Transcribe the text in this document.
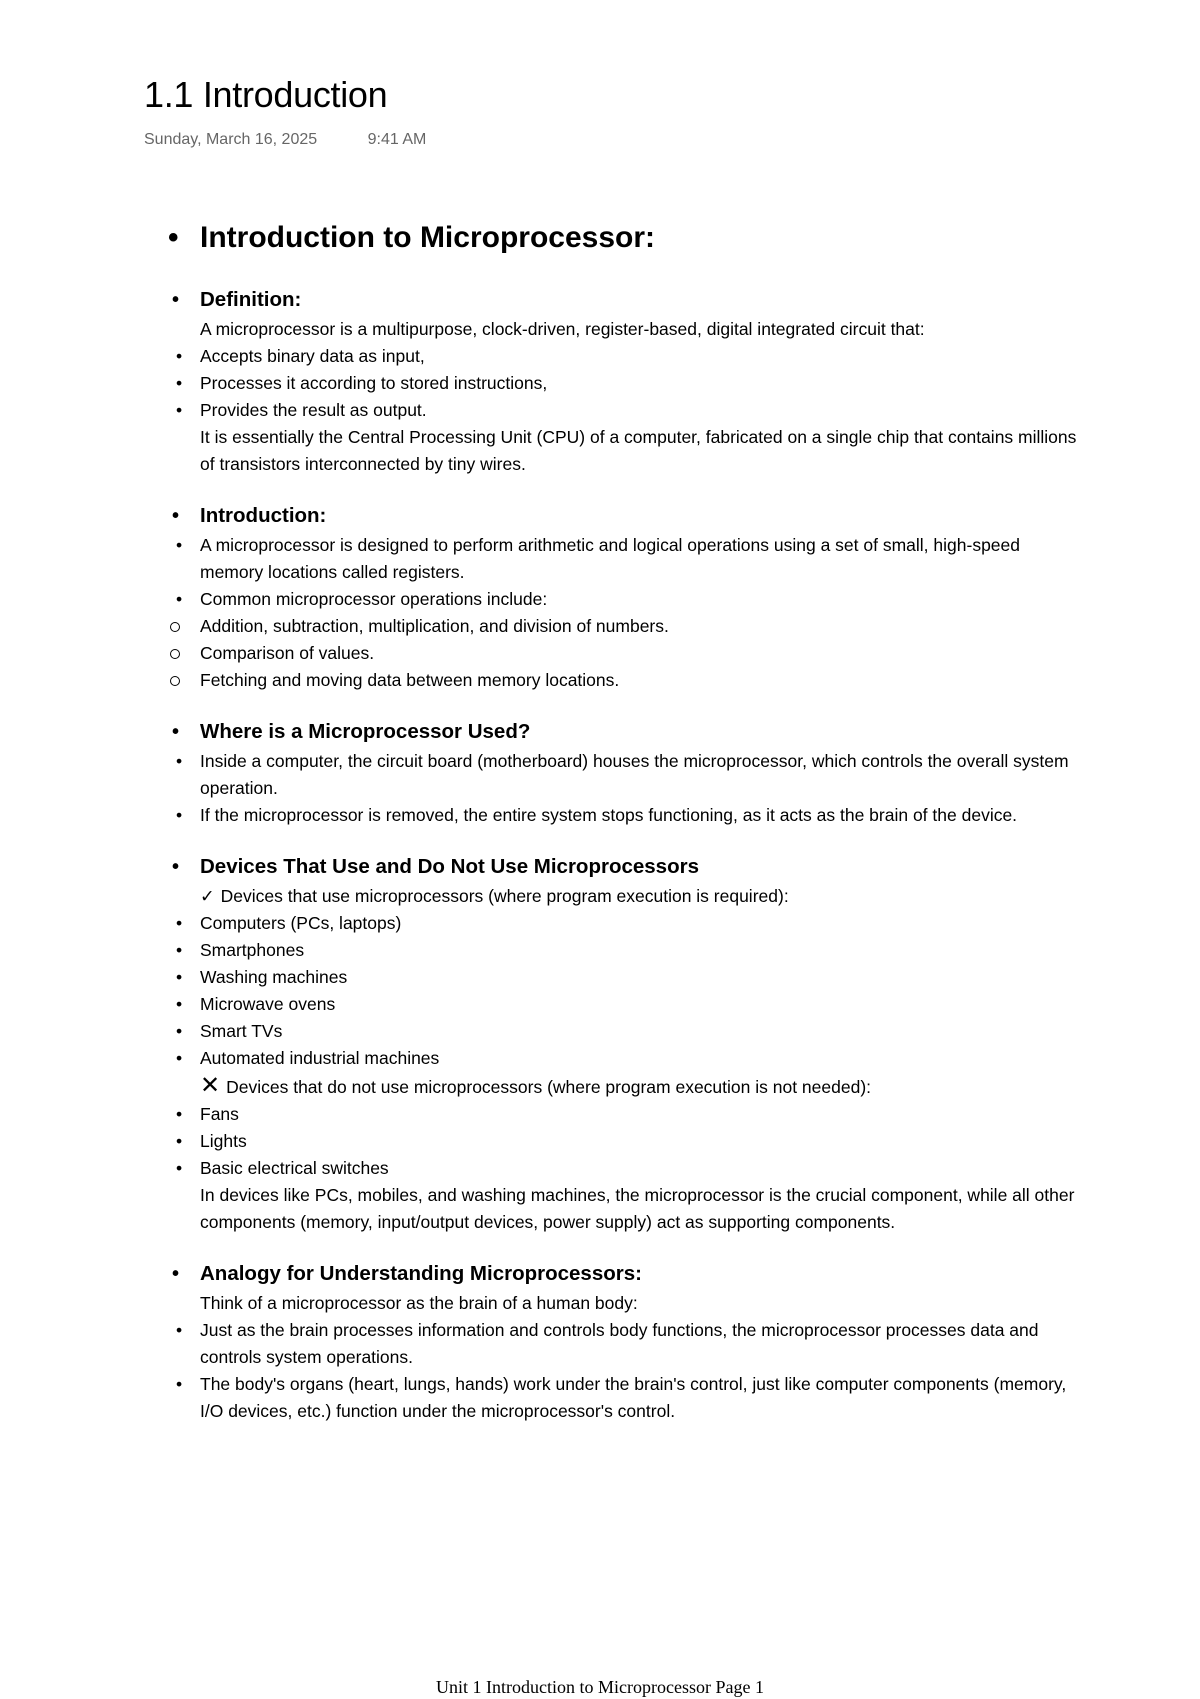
1.1 Introduction
Sunday, March 16, 2025	9:41 AM
• Introduction to Microprocessor:
• Definition:

A microprocessor is a multipurpose, clock-driven, register-based, digital integrated circuit that:

• Accepts binary data as input,
• Processes it according to stored instructions,
• Provides the result as output.

It is essentially the Central Processing Unit (CPU) of a computer, fabricated on a single chip that contains millions of transistors interconnected by tiny wires.

• Introduction:
• A microprocessor is designed to perform arithmetic and logical operations using a set of small, high-speed memory locations called registers.
• Common microprocessor operations include:
Addition, subtraction, multiplication, and division of numbers.
Comparison of values.
Fetching and moving data between memory locations.
• Where is a Microprocessor Used?
• Inside a computer, the circuit board (motherboard) houses the microprocessor, which controls the overall system operation.
• If the microprocessor is removed, the entire system stops functioning, as it acts as the brain of the device.
• Devices That Use and Do Not Use Microprocessors
✓ Devices that use microprocessors (where program execution is required):
• Computers (PCs, laptops)
• Smartphones
• Washing machines
• Microwave ovens
• Smart TVs
• Automated industrial machines
✕ Devices that do not use microprocessors (where program execution is not needed):
• Fans
• Lights
• Basic electrical switches

In devices like PCs, mobiles, and washing machines, the microprocessor is the crucial component, while all other components (memory, input/output devices, power supply) act as supporting components.

• Analogy for Understanding Microprocessors:

Think of a microprocessor as the brain of a human body:

• Just as the brain processes information and controls body functions, the microprocessor processes data and controls system operations.
• The body's organs (heart, lungs, hands) work under the brain's control, just like computer components (memory, I/O devices, etc.) function under the microprocessor's control.
Unit 1 Introduction to Microprocessor Page 1
